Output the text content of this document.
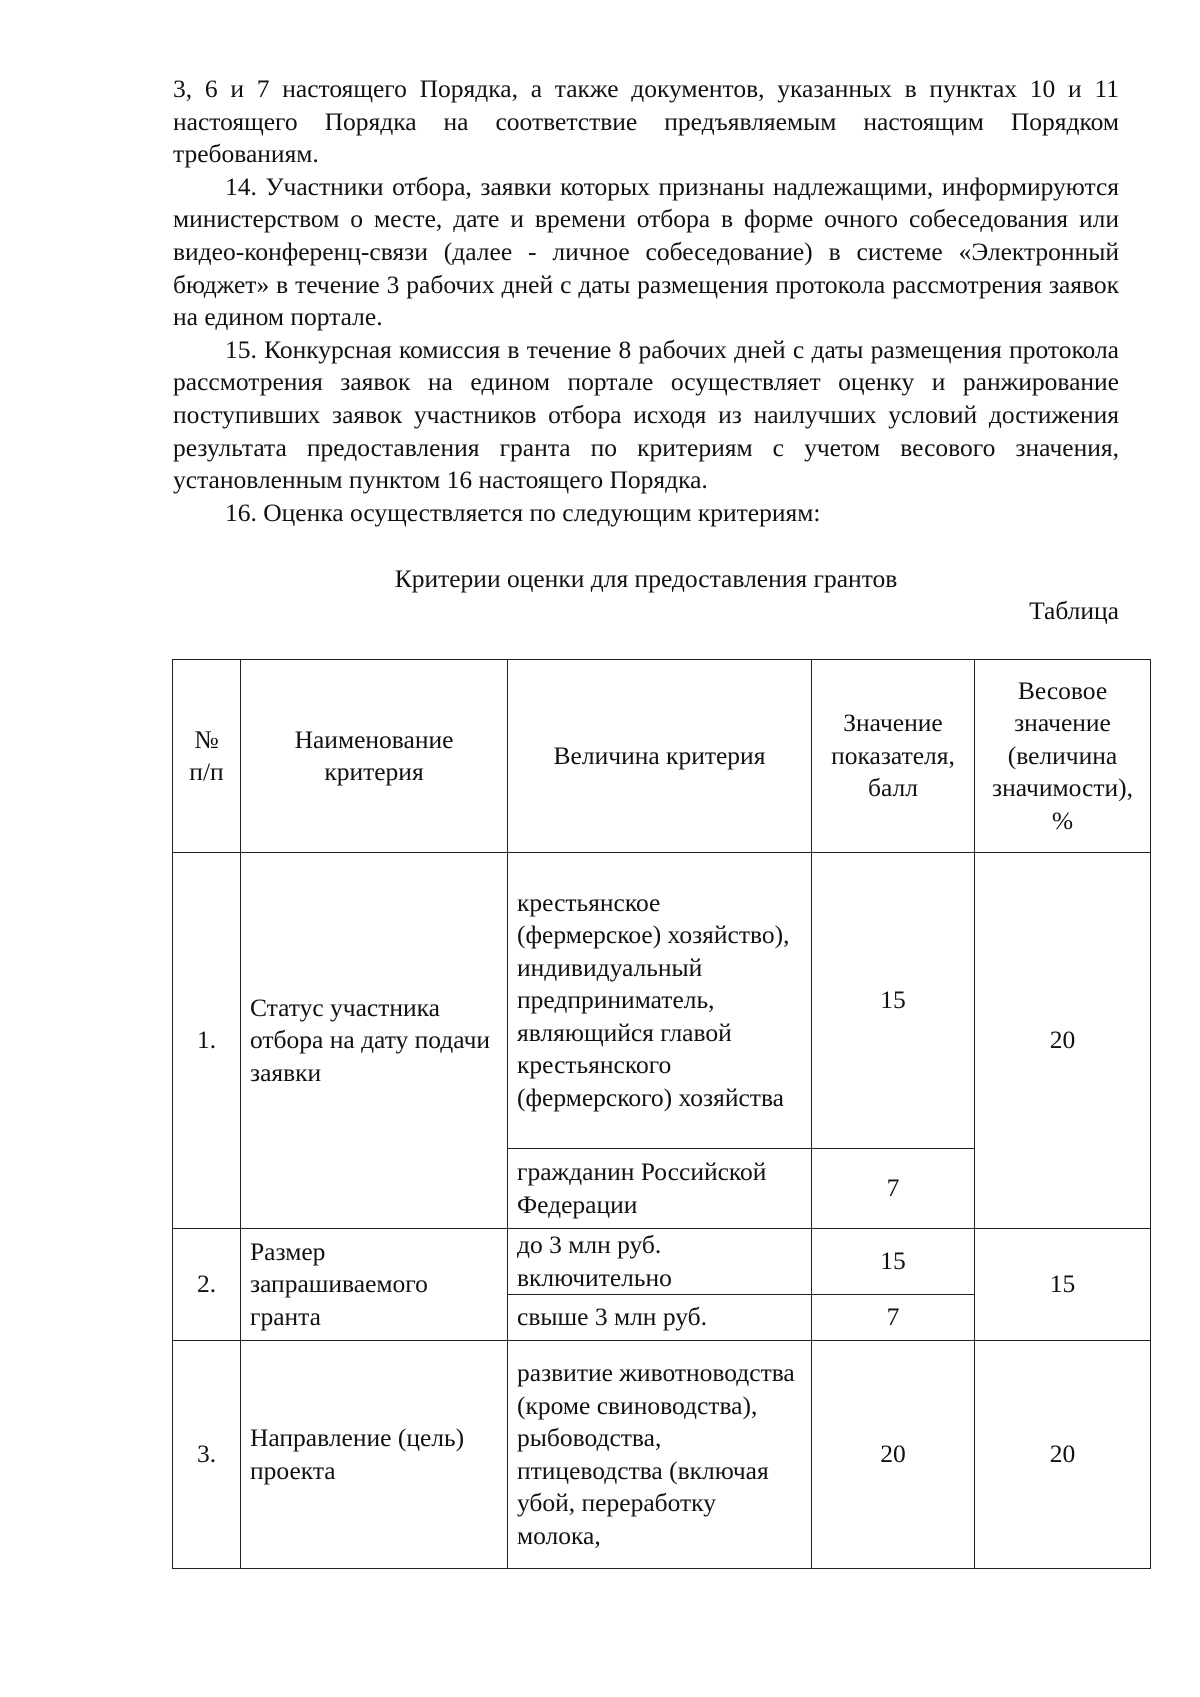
3, 6 и 7 настоящего Порядка, а также документов, указанных в пунктах 10 и 11 настоящего Порядка на соответствие предъявляемым настоящим Порядком требованиям.

14. Участники отбора, заявки которых признаны надлежащими, информируются министерством о месте, дате и времени отбора в форме очного собеседования или видео-конференц-связи (далее - личное собеседование) в системе «Электронный бюджет» в течение 3 рабочих дней с даты размещения протокола рассмотрения заявок на едином портале.

15. Конкурсная комиссия в течение 8 рабочих дней с даты размещения протокола рассмотрения заявок на едином портале осуществляет оценку и ранжирование поступивших заявок участников отбора исходя из наилучших условий достижения результата предоставления гранта по критериям с учетом весового значения, установленным пунктом 16 настоящего Порядка.

16. Оценка осуществляется по следующим критериям:

Критерии оценки для предоставления грантов
Таблица
№ п/п	Наименование критерия	Величина критерия	Значение показателя, балл	Весовое значение (величина значимости), %
1.	Статус участника отбора на дату подачи заявки	крестьянское (фермерское) хозяйство), индивидуальный предприниматель, являющийся главой крестьянского (фермерского) хозяйства	15	20
		гражданин Российской Федерации	7	
2.	Размер запрашиваемого гранта	до 3 млн руб. включительно	15	15
		свыше 3 млн руб.	7	
3.	Направление (цель) проекта	развитие животноводства (кроме свиноводства), рыбоводства, птицеводства (включая убой, переработку молока,	20	20
